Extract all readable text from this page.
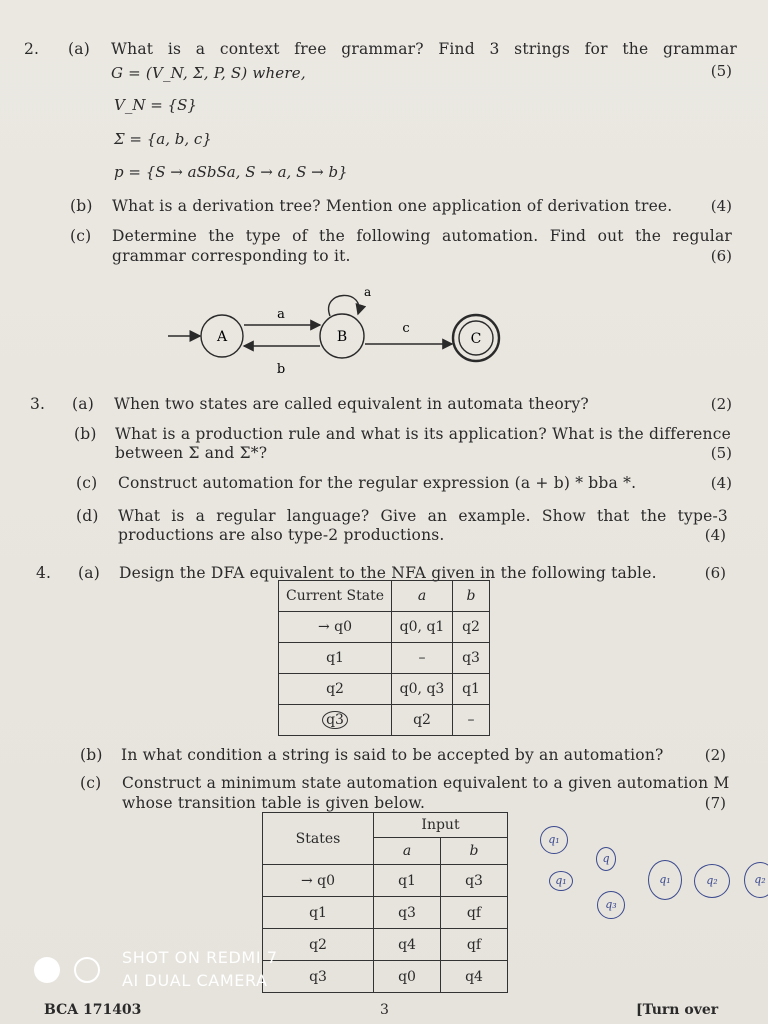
2. (a) What is a context free grammar? Find 3 strings for the grammar
G = (V_N, Σ, P, S) where,	(5)
V_N = {S}
Σ = {a, b, c}
p = {S → aSbSa, S → a, S → b}
(b) What is a derivation tree? Mention one application of derivation tree.	(4)
(c) Determine the type of the following automation. Find out the regular
grammar corresponding to it.	(6)
A
a
b
B
a
c
C
3. (a) When two states are called equivalent in automata theory?	(2)
(b) What is a production rule and what is its application? What is the difference
between Σ and Σ*?	(5)
(c) Construct automation for the regular expression (a + b) * bba *.	(4)
(d) What is a regular language? Give an example. Show that the type-3
productions are also type-2 productions.	(4)
4. (a) Design the DFA equivalent to the NFA given in the following table.	(6)
Current State	a	b
→ q0	q0, q1	q2
q1	–	q3
q2	q0, q3	q1
q3	q2	–
(b) In what condition a string is said to be accepted by an automation?	(2)
(c) Construct a minimum state automation equivalent to a given automation M
whose transition table is given below.	(7)
States	Input	
	a	b
→ q0	q1	q3
q1	q3	qf
q2	q4	qf
q3	q0	q4
q₁
q
q₁
q₃
q₁	q₂	q₂
SHOT ON REDMI 7
AI DUAL CAMERA
BCA 171403	3	[Turn over
